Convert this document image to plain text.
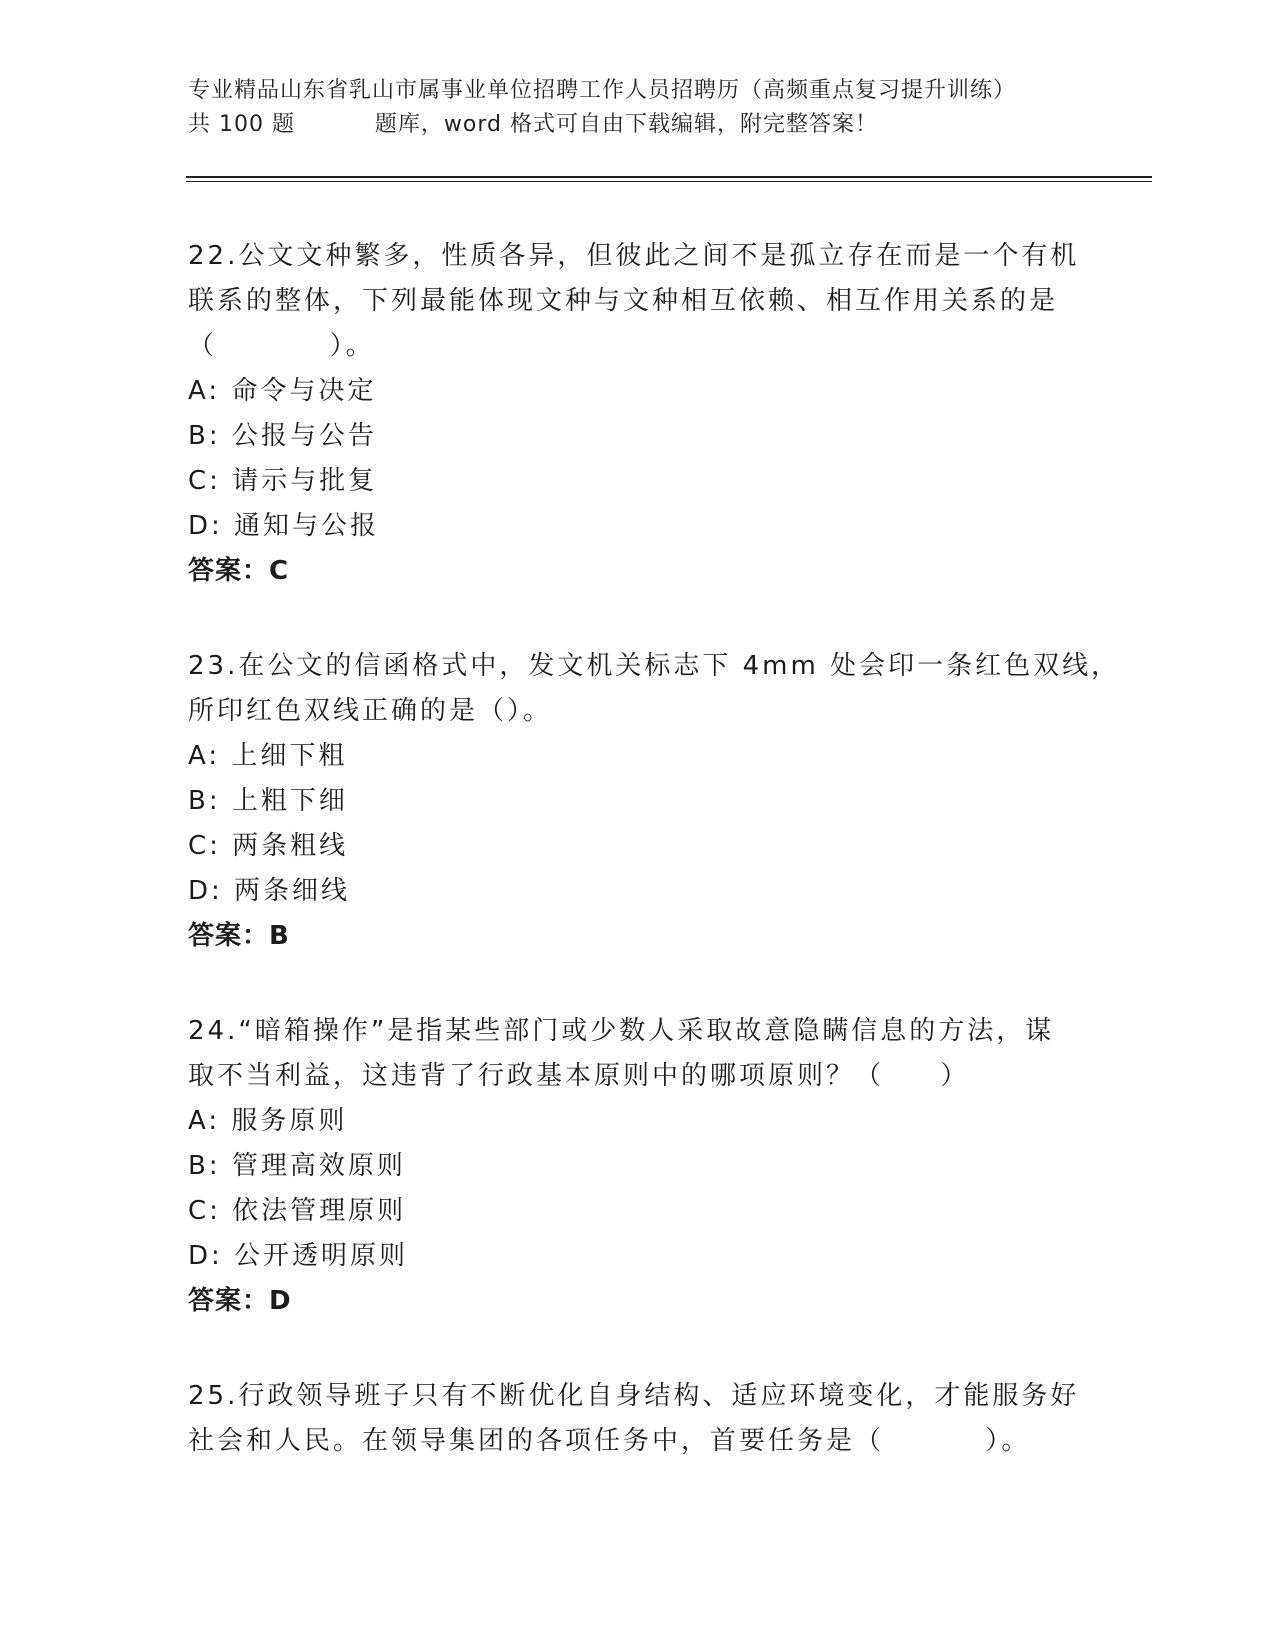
专业精品山东省乳山市属事业单位招聘工作人员招聘历（高频重点复习提升训练）
共 100 题          题库，word 格式可自由下载编辑，附完整答案！
22.公文文种繁多，性质各异，但彼此之间不是孤立存在而是一个有机
联系的整体，下列最能体现文种与文种相互依赖、相互作用关系的是
（          ）。
A: 命令与决定
B: 公报与公告
C: 请示与批复
D: 通知与公报
答案：C
23.在公文的信函格式中，发文机关标志下 4mm 处会印一条红色双线，
所印红色双线正确的是（）。
A: 上细下粗
B: 上粗下细
C: 两条粗线
D: 两条细线
答案：B
24.“暗箱操作”是指某些部门或少数人采取故意隐瞒信息的方法，谋
取不当利益，这违背了行政基本原则中的哪项原则？（     ）
A: 服务原则
B: 管理高效原则
C: 依法管理原则
D: 公开透明原则
答案：D
25.行政领导班子只有不断优化自身结构、适应环境变化，才能服务好
社会和人民。在领导集团的各项任务中，首要任务是（         ）。
